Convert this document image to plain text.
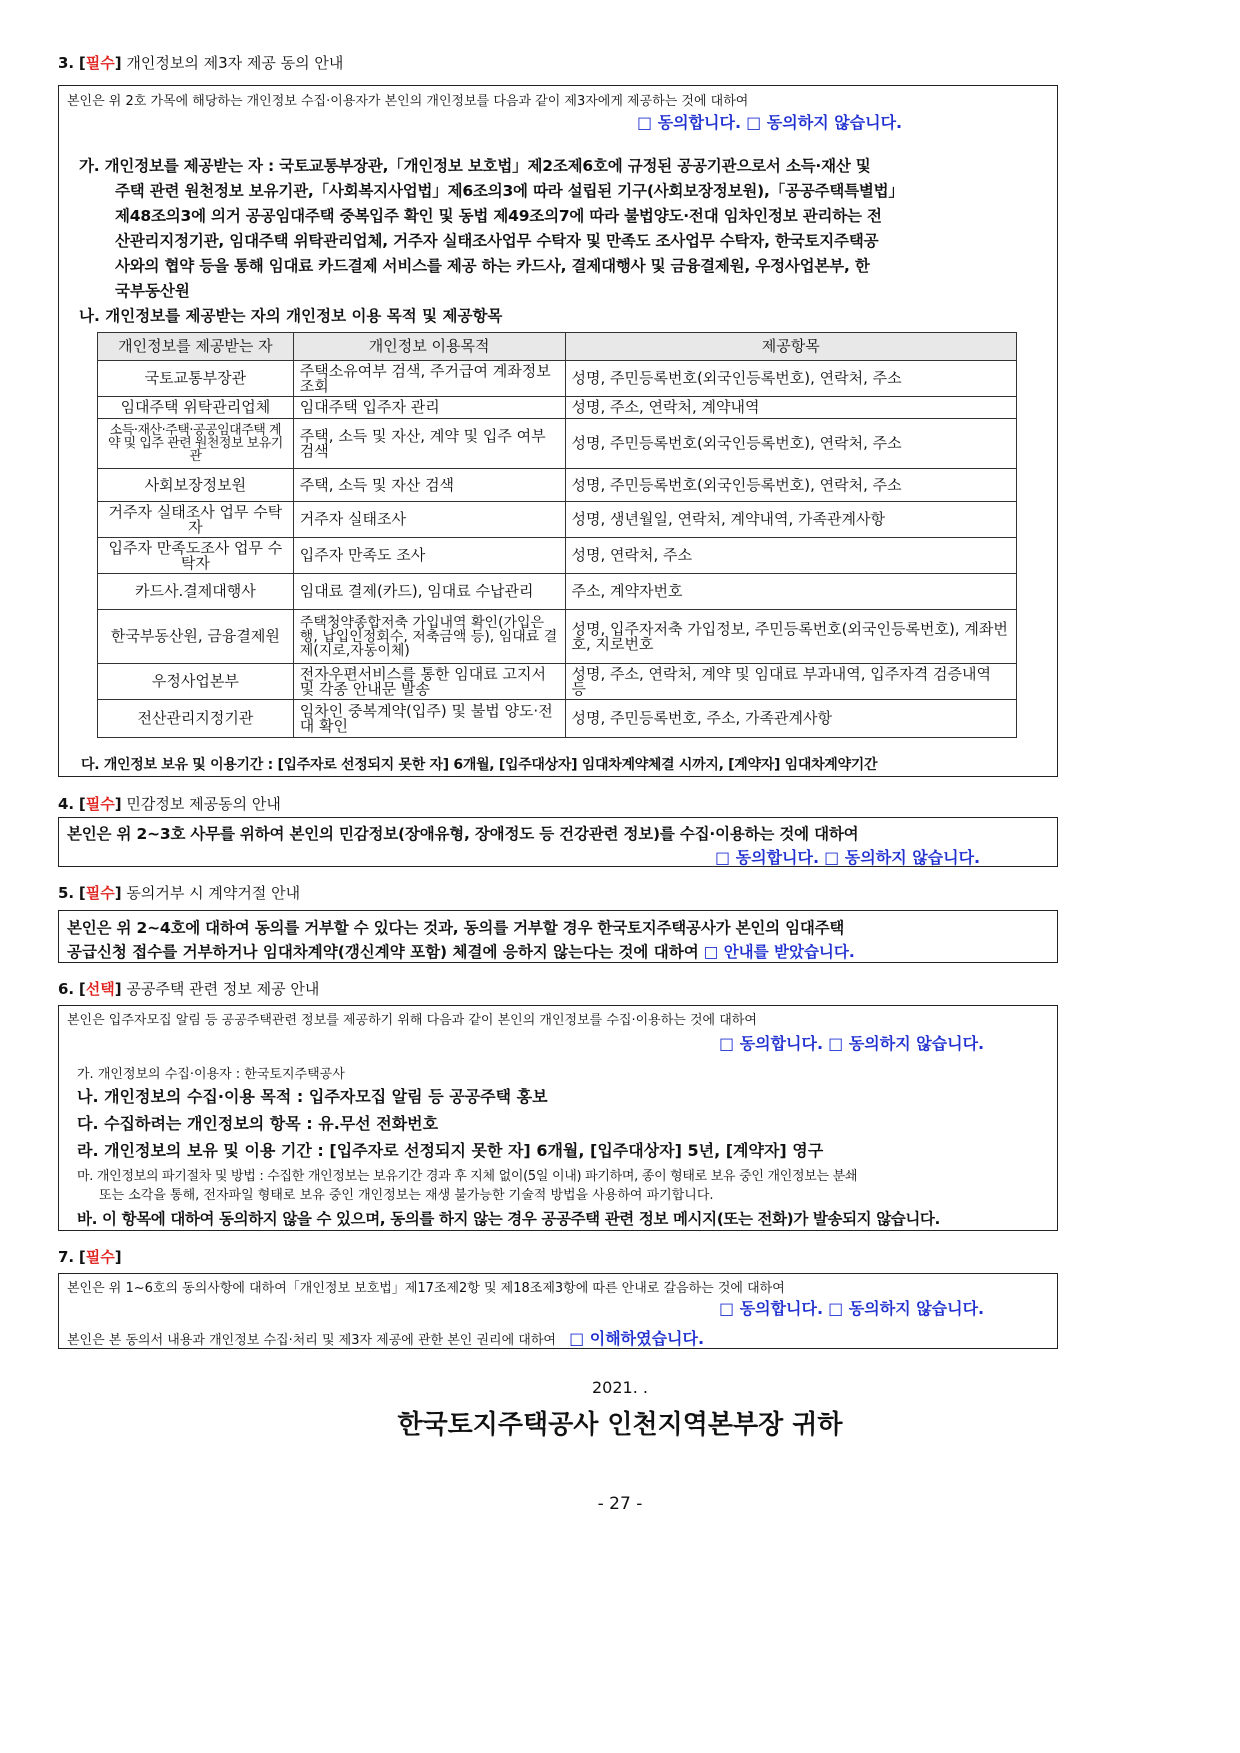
3. [필수] 개인정보의 제3자 제공 동의 안내
본인은 위 2호 가목에 해당하는 개인정보 수집·이용자가 본인의 개인정보를 다음과 같이 제3자에게 제공하는 것에 대하여
□ 동의합니다. □ 동의하지 않습니다.
가. 개인정보를 제공받는 자 : 국토교통부장관,「개인정보 보호법」제2조제6호에 규정된 공공기관으로서 소득·재산 및
주택 관련 원천정보 보유기관,「사회복지사업법」제6조의3에 따라 설립된 기구(사회보장정보원),「공공주택특별법」
제48조의3에 의거 공공임대주택 중복입주 확인 및 동법 제49조의7에 따라 불법양도·전대 임차인정보 관리하는 전
산관리지정기관, 임대주택 위탁관리업체, 거주자 실태조사업무 수탁자 및 만족도 조사업무 수탁자, 한국토지주택공
사와의 협약 등을 통해 임대료 카드결제 서비스를 제공 하는 카드사, 결제대행사 및 금융결제원, 우정사업본부, 한
국부동산원
나. 개인정보를 제공받는 자의 개인정보 이용 목적 및 제공항목
개인정보를 제공받는 자	개인정보 이용목적	제공항목
국토교통부장관	주택소유여부 검색, 주거급여 계좌정보조회	성명, 주민등록번호(외국인등록번호), 연락처, 주소
임대주택 위탁관리업체	임대주택 입주자 관리	성명, 주소, 연락처, 계약내역
소득·재산·주택·공공임대주택 계약 및 입주 관련 원천정보 보유기관	주택, 소득 및 자산, 계약 및 입주 여부 검색	성명, 주민등록번호(외국인등록번호), 연락처, 주소
사회보장정보원	주택, 소득 및 자산 검색	성명, 주민등록번호(외국인등록번호), 연락처, 주소
거주자 실태조사 업무 수탁자	거주자 실태조사	성명, 생년월일, 연락처, 계약내역, 가족관계사항
입주자 만족도조사 업무 수탁자	입주자 만족도 조사	성명, 연락처, 주소
카드사.결제대행사	임대료 결제(카드), 임대료 수납관리	주소, 계약자번호
한국부동산원, 금융결제원	주택청약종합저축 가입내역 확인(가입은행, 납입인정회수, 저축금액 등), 임대료 결제(지로,자동이체)	성명, 입주자저축 가입정보, 주민등록번호(외국인등록번호), 계좌번호, 지로번호
우정사업본부	전자우편서비스를 통한 임대료 고지서 및 각종 안내문 발송	성명, 주소, 연락처, 계약 및 임대료 부과내역, 입주자격 검증내역 등
전산관리지정기관	임차인 중복계약(입주) 및 불법 양도·전대 확인	성명, 주민등록번호, 주소, 가족관계사항
다. 개인정보 보유 및 이용기간 : [입주자로 선정되지 못한 자] 6개월, [입주대상자] 임대차계약체결 시까지, [계약자] 임대차계약기간
4. [필수] 민감정보 제공동의 안내
본인은 위 2~3호 사무를 위하여 본인의 민감정보(장애유형, 장애정도 등 건강관련 정보)를 수집·이용하는 것에 대하여
□ 동의합니다. □ 동의하지 않습니다.
5. [필수] 동의거부 시 계약거절 안내
본인은 위 2~4호에 대하여 동의를 거부할 수 있다는 것과, 동의를 거부할 경우 한국토지주택공사가 본인의 임대주택
공급신청 접수를 거부하거나 임대차계약(갱신계약 포함) 체결에 응하지 않는다는 것에 대하여 □ 안내를 받았습니다.
6. [선택] 공공주택 관련 정보 제공 안내
본인은 입주자모집 알림 등 공공주택관련 정보를 제공하기 위해 다음과 같이 본인의 개인정보를 수집·이용하는 것에 대하여
□ 동의합니다. □ 동의하지 않습니다.
가. 개인정보의 수집·이용자 : 한국토지주택공사
나. 개인정보의 수집·이용 목적 : 입주자모집 알림 등 공공주택 홍보
다. 수집하려는 개인정보의 항목 : 유.무선 전화번호
라. 개인정보의 보유 및 이용 기간 : [입주자로 선정되지 못한 자] 6개월, [입주대상자] 5년, [계약자] 영구
마. 개인정보의 파기절차 및 방법 : 수집한 개인정보는 보유기간 경과 후 지체 없이(5일 이내) 파기하며, 종이 형태로 보유 중인 개인정보는 분쇄
또는 소각을 통해, 전자파일 형태로 보유 중인 개인정보는 재생 불가능한 기술적 방법을 사용하여 파기합니다.
바. 이 항목에 대하여 동의하지 않을 수 있으며, 동의를 하지 않는 경우 공공주택 관련 정보 메시지(또는 전화)가 발송되지 않습니다.
7. [필수]
본인은 위 1~6호의 동의사항에 대하여「개인정보 보호법」제17조제2항 및 제18조제3항에 따른 안내로 갈음하는 것에 대하여
□ 동의합니다. □ 동의하지 않습니다.
본인은 본 동의서 내용과 개인정보 수집·처리 및 제3자 제공에 관한 본인 권리에 대하여 □ 이해하였습니다.
2021. .
한국토지주택공사 인천지역본부장 귀하
- 27 -
